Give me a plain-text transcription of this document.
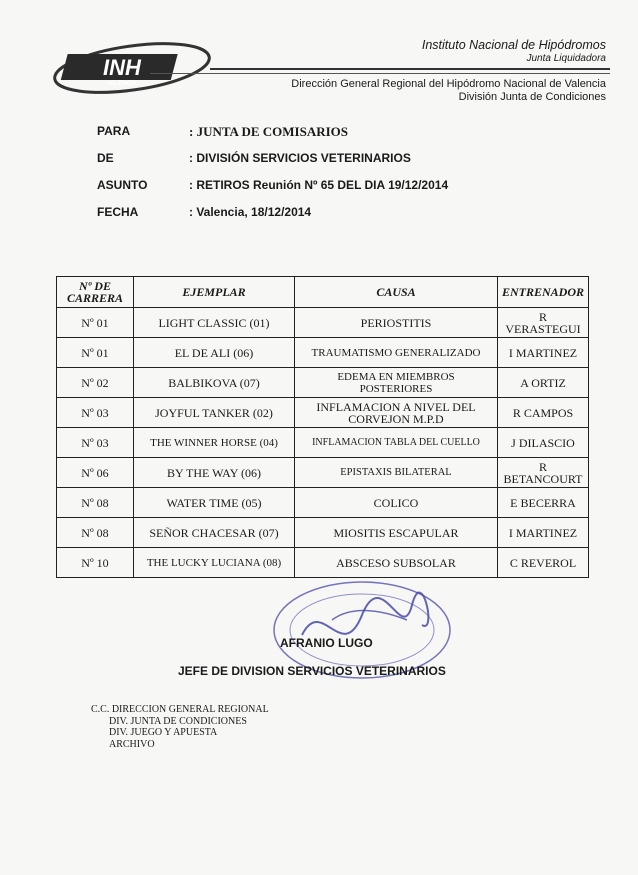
INH
VALENCIA
Instituto Nacional de Hipódromos
Junta Liquidadora
Dirección General Regional del Hipódromo Nacional de Valencia
División Junta de Condiciones
PARA	: JUNTA DE COMISARIOS
DE	: DIVISIÓN SERVICIOS VETERINARIOS
ASUNTO	: RETIROS Reunión Nº 65 DEL DIA 19/12/2014
FECHA	: Valencia, 18/12/2014
Nº DE CARRERA	EJEMPLAR	CAUSA	ENTRENADOR
Nº 01	LIGHT CLASSIC (01)	PERIOSTITIS	R VERASTEGUI
Nº 01	EL DE ALI (06)	TRAUMATISMO GENERALIZADO	I MARTINEZ
Nº 02	BALBIKOVA (07)	EDEMA EN MIEMBROS POSTERIORES	A ORTIZ
Nº 03	JOYFUL TANKER (02)	INFLAMACION A NIVEL DEL CORVEJON M.P.D	R CAMPOS
Nº 03	THE WINNER HORSE (04)	INFLAMACION TABLA DEL CUELLO	J DILASCIO
Nº 06	BY THE WAY (06)	EPISTAXIS BILATERAL	R BETANCOURT
Nº 08	WATER TIME (05)	COLICO	E BECERRA
Nº 08	SEÑOR CHACESAR (07)	MIOSITIS ESCAPULAR	I MARTINEZ
Nº 10	THE LUCKY LUCIANA (08)	ABSCESO SUBSOLAR	C REVEROL
AFRANIO LUGO
JEFE DE DIVISION SERVICIOS VETERINARIOS
C.C. DIRECCION GENERAL REGIONAL
DIV. JUNTA DE CONDICIONES
DIV. JUEGO Y APUESTA
ARCHIVO
